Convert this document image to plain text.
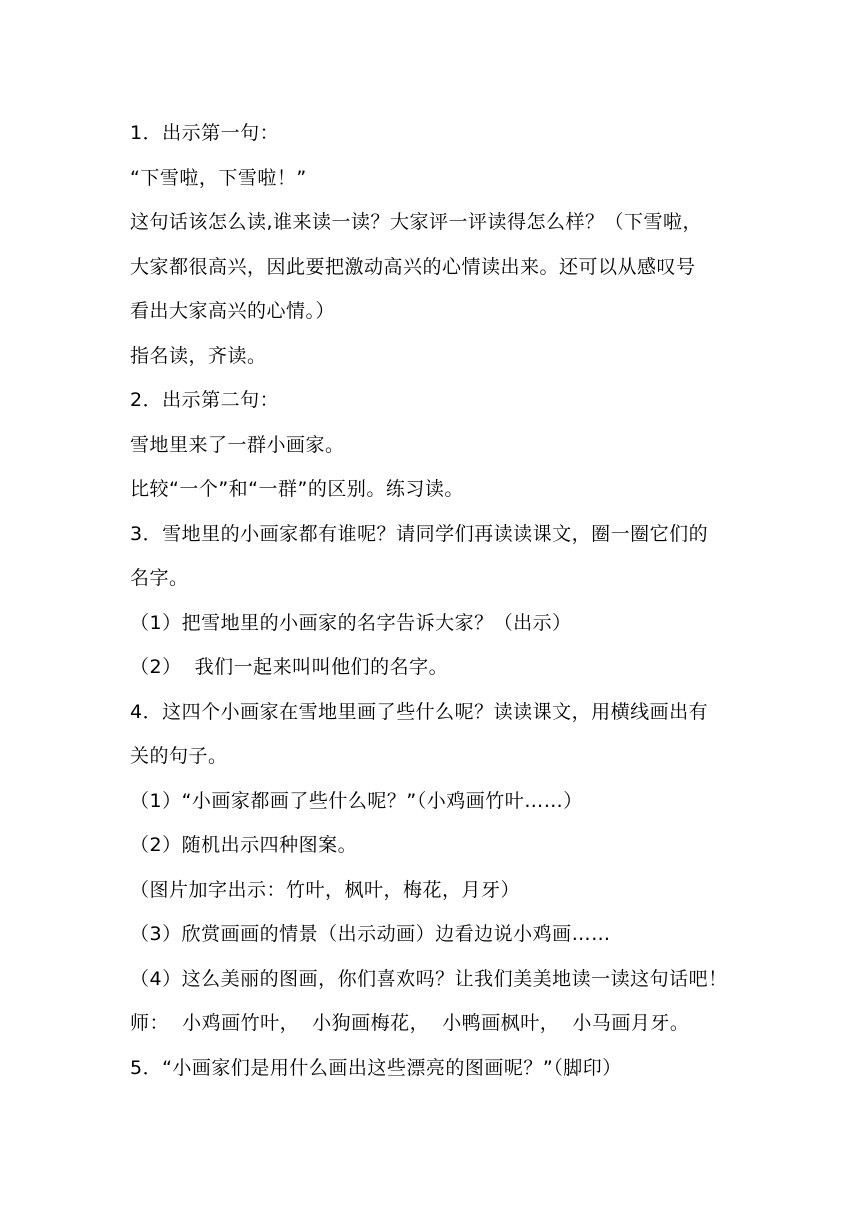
1．出示第一句：
“下雪啦，下雪啦！”
这句话该怎么读,谁来读一读？大家评一评读得怎么样？（下雪啦，
大家都很高兴，因此要把激动高兴的心情读出来。还可以从感叹号
看出大家高兴的心情。）
指名读，齐读。
2．出示第二句：
雪地里来了一群小画家。
比较“一个”和“一群”的区别。练习读。
3．雪地里的小画家都有谁呢？请同学们再读读课文，圈一圈它们的
名字。
（1）把雪地里的小画家的名字告诉大家？（出示）
（2）  我们一起来叫叫他们的名字。
4．这四个小画家在雪地里画了些什么呢？读读课文，用横线画出有
关的句子。
（1）“小画家都画了些什么呢？”（小鸡画竹叶……）
（2）随机出示四种图案。
（图片加字出示：竹叶，枫叶，梅花，月牙）
（3）欣赏画画的情景（出示动画）边看边说小鸡画……
（4）这么美丽的图画，你们喜欢吗？让我们美美地读一读这句话吧！
师：  小鸡画竹叶，  小狗画梅花，  小鸭画枫叶，  小马画月牙。
5．“小画家们是用什么画出这些漂亮的图画呢？”（脚印）
